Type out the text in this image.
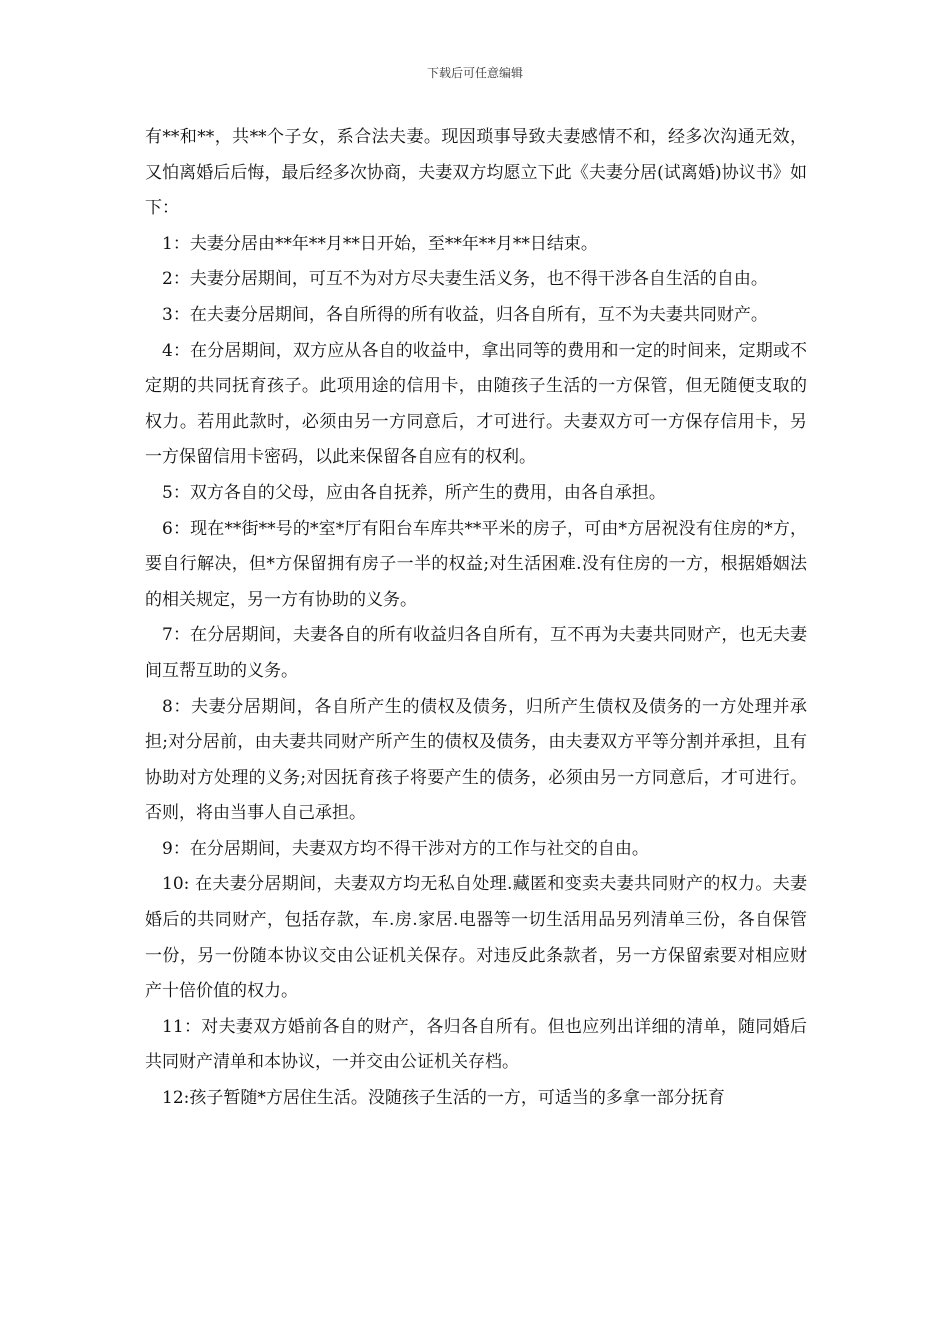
下载后可任意编辑

有**和**，共**个子女，系合法夫妻。现因琐事导致夫妻感情不和，经多次沟通无效，又怕离婚后后悔，最后经多次协商，夫妻双方均愿立下此《夫妻分居(试离婚)协议书》如下：

1：夫妻分居由**年**月**日开始，至**年**月**日结束。

2：夫妻分居期间，可互不为对方尽夫妻生活义务，也不得干涉各自生活的自由。

3：在夫妻分居期间，各自所得的所有收益，归各自所有，互不为夫妻共同财产。

4：在分居期间，双方应从各自的收益中，拿出同等的费用和一定的时间来，定期或不定期的共同抚育孩子。此项用途的信用卡，由随孩子生活的一方保管，但无随便支取的权力。若用此款时，必须由另一方同意后，才可进行。夫妻双方可一方保存信用卡，另一方保留信用卡密码，以此来保留各自应有的权利。

5：双方各自的父母，应由各自抚养，所产生的费用，由各自承担。

6：现在**街**号的*室*厅有阳台车库共**平米的房子，可由*方居祝没有住房的*方，要自行解决，但*方保留拥有房子一半的权益;对生活困难.没有住房的一方，根据婚姻法的相关规定，另一方有协助的义务。

7：在分居期间，夫妻各自的所有收益归各自所有，互不再为夫妻共同财产，也无夫妻间互帮互助的义务。

8：夫妻分居期间，各自所产生的债权及债务，归所产生债权及债务的一方处理并承担;对分居前，由夫妻共同财产所产生的债权及债务，由夫妻双方平等分割并承担，且有协助对方处理的义务;对因抚育孩子将要产生的债务，必须由另一方同意后，才可进行。否则，将由当事人自己承担。

9：在分居期间，夫妻双方均不得干涉对方的工作与社交的自由。

10: 在夫妻分居期间，夫妻双方均无私自处理.藏匿和变卖夫妻共同财产的权力。夫妻婚后的共同财产，包括存款，车.房.家居.电器等一切生活用品另列清单三份，各自保管一份，另一份随本协议交由公证机关保存。对违反此条款者，另一方保留索要对相应财产十倍价值的权力。

11：对夫妻双方婚前各自的财产，各归各自所有。但也应列出详细的清单，随同婚后共同财产清单和本协议，一并交由公证机关存档。

12:孩子暂随*方居住生活。没随孩子生活的一方，可适当的多拿一部分抚育
